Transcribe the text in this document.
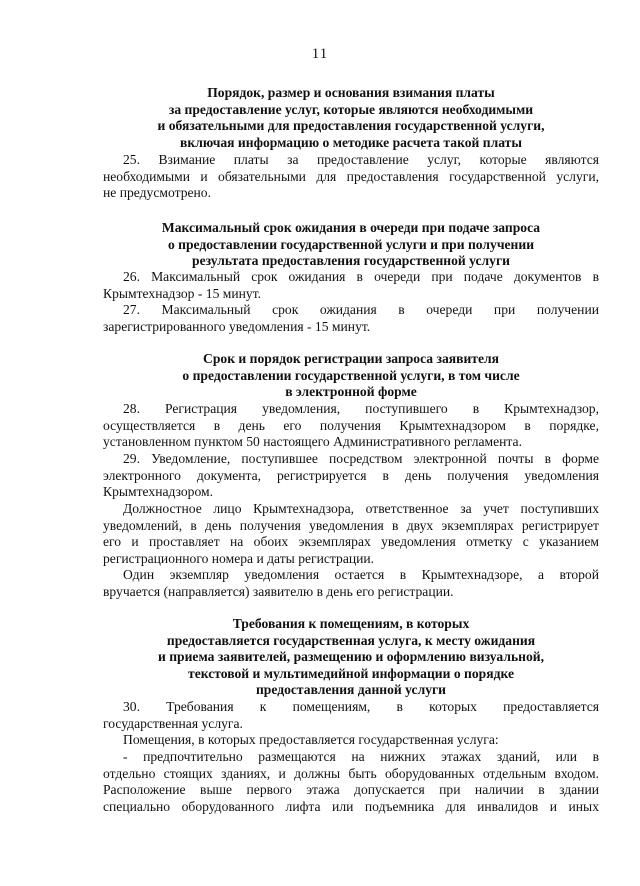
11

Порядок, размер и основания взимания платы
за предоставление услуг, которые являются необходимыми
и обязательными для предоставления государственной услуги,
включая информацию о методике расчета такой платы

25. Взимание платы за предоставление услуг, которые являются
необходимыми и обязательными для предоставления государственной услуги,
не предусмотрено.

Максимальный срок ожидания в очереди при подаче запроса
о предоставлении государственной услуги и при получении
результата предоставления государственной услуги

26. Максимальный срок ожидания в очереди при подаче документов в
Крымтехнадзор - 15 минут.

27. Максимальный срок ожидания в очереди при получении
зарегистрированного уведомления - 15 минут.

Срок и порядок регистрации запроса заявителя
о предоставлении государственной услуги, в том числе
в электронной форме

28. Регистрация уведомления, поступившего в Крымтехнадзор,
осуществляется в день его получения Крымтехнадзором в порядке,
установленном пунктом 50 настоящего Административного регламента.

29. Уведомление, поступившее посредством электронной почты в форме
электронного документа, регистрируется в день получения уведомления
Крымтехнадзором.

Должностное лицо Крымтехнадзора, ответственное за учет поступивших
уведомлений, в день получения уведомления в двух экземплярах регистрирует
его и проставляет на обоих экземплярах уведомления отметку с указанием
регистрационного номера и даты регистрации.

Один экземпляр уведомления остается в Крымтехнадзоре, а второй
вручается (направляется) заявителю в день его регистрации.

Требования к помещениям, в которых
предоставляется государственная услуга, к месту ожидания
и приема заявителей, размещению и оформлению визуальной,
текстовой и мультимедийной информации о порядке
предоставления данной услуги

30. Требования к помещениям, в которых предоставляется
государственная услуга.

Помещения, в которых предоставляется государственная услуга:

- предпочтительно размещаются на нижних этажах зданий, или в
отдельно стоящих зданиях, и должны быть оборудованных отдельным входом.
Расположение выше первого этажа допускается при наличии в здании
специально оборудованного лифта или подъемника для инвалидов и иных
